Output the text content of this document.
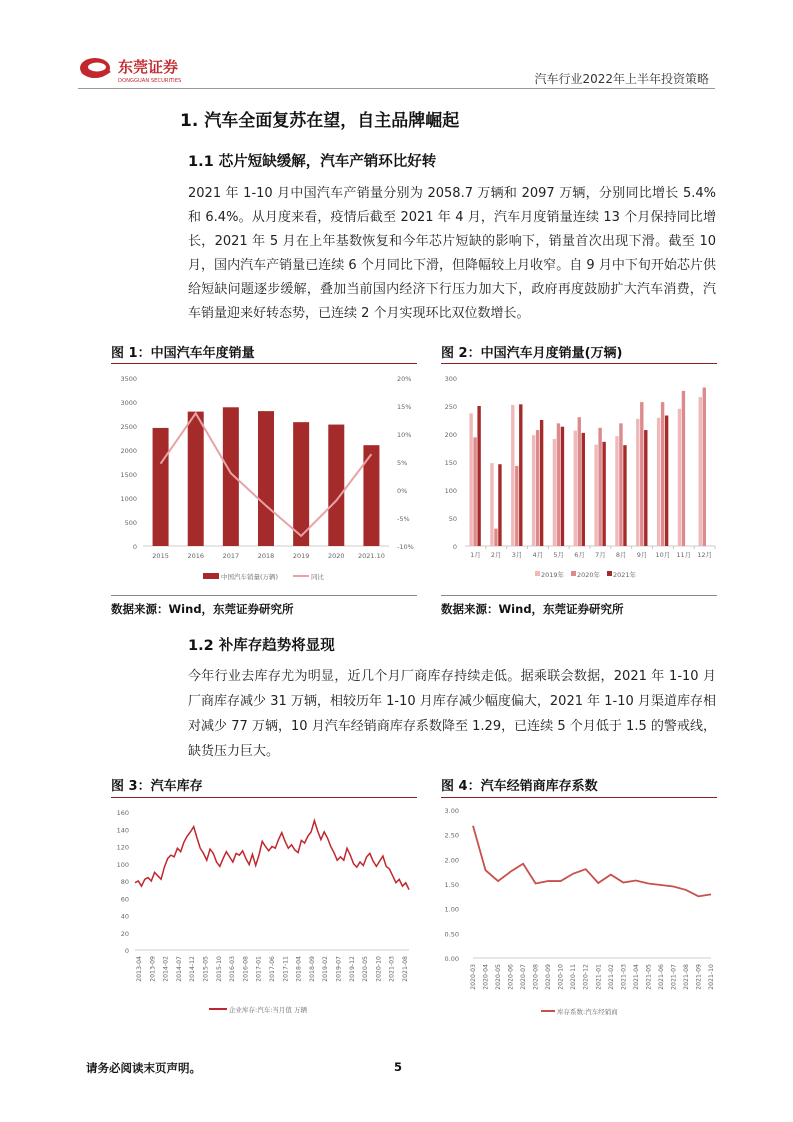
东莞证券
DONGGUAN SECURITIES	汽车行业2022年上半年投资策略
1. 汽车全面复苏在望，自主品牌崛起
1.1 芯片短缺缓解，汽车产销环比好转
2021 年 1-10 月中国汽车产销量分别为 2058.7 万辆和 2097 万辆，分别同比增长 5.4%和 6.4%。从月度来看，疫情后截至 2021 年 4 月，汽车月度销量连续 13 个月保持同比增长，2021 年 5 月在上年基数恢复和今年芯片短缺的影响下，销量首次出现下滑。截至 10 月，国内汽车产销量已连续 6 个月同比下滑，但降幅较上月收窄。自 9 月中下旬开始芯片供给短缺问题逐步缓解，叠加当前国内经济下行压力加大下，政府再度鼓励扩大汽车消费，汽车销量迎来好转态势，已连续 2 个月实现环比双位数增长。
图 1：中国汽车年度销量
0
500
1000
1500
2000
2500
3000
3500
-10%
-5%
0%
5%
10%
15%
20%
2015	2016	2017	2018	2019	2020 2021.10
中国汽车销量(万辆)	同比
数据来源：Wind，东莞证券研究所
图 2：中国汽车月度销量(万辆)
0
50
100
150
200
250
300
1月 2月 3月 4月 5月 6月 7月 8月 9月 10月 11月 12月
2019年 2020年 2021年
数据来源：Wind，东莞证券研究所
1.2 补库存趋势将显现
今年行业去库存尤为明显，近几个月厂商库存持续走低。据乘联会数据，2021 年 1-10 月厂商库存减少 31 万辆，相较历年 1-10 月库存减少幅度偏大，2021 年 1-10 月渠道库存相对减少 77 万辆，10 月汽车经销商库存系数降至 1.29，已连续 5 个月低于 1.5 的警戒线，缺货压力巨大。
图 3：汽车库存
0
20
40
60
80
100
120
140
160
2013-04 2013-09 2014-02 2014-07 2014-12 2015-05 2015-10 2016-03 2016-08 2017-01 2017-06 2017-11 2018-04 2018-09 2019-02 2019-07 2019-12 2020-05 2020-10 2021-03 2021-08
企业库存:汽车:当月值 万辆
图 4：汽车经销商库存系数
0.00
0.50
1.00
1.50
2.00
2.50
3.00
2020-03 2020-04 2020-05 2020-06 2020-07 2020-08 2020-09 2020-10 2020-11 2020-12 2021-01 2021-02 2021-03 2021-04 2021-05 2021-06 2021-07 2021-08 2021-09 2021-10
库存系数:汽车经销商
请务必阅读末页声明。	5
